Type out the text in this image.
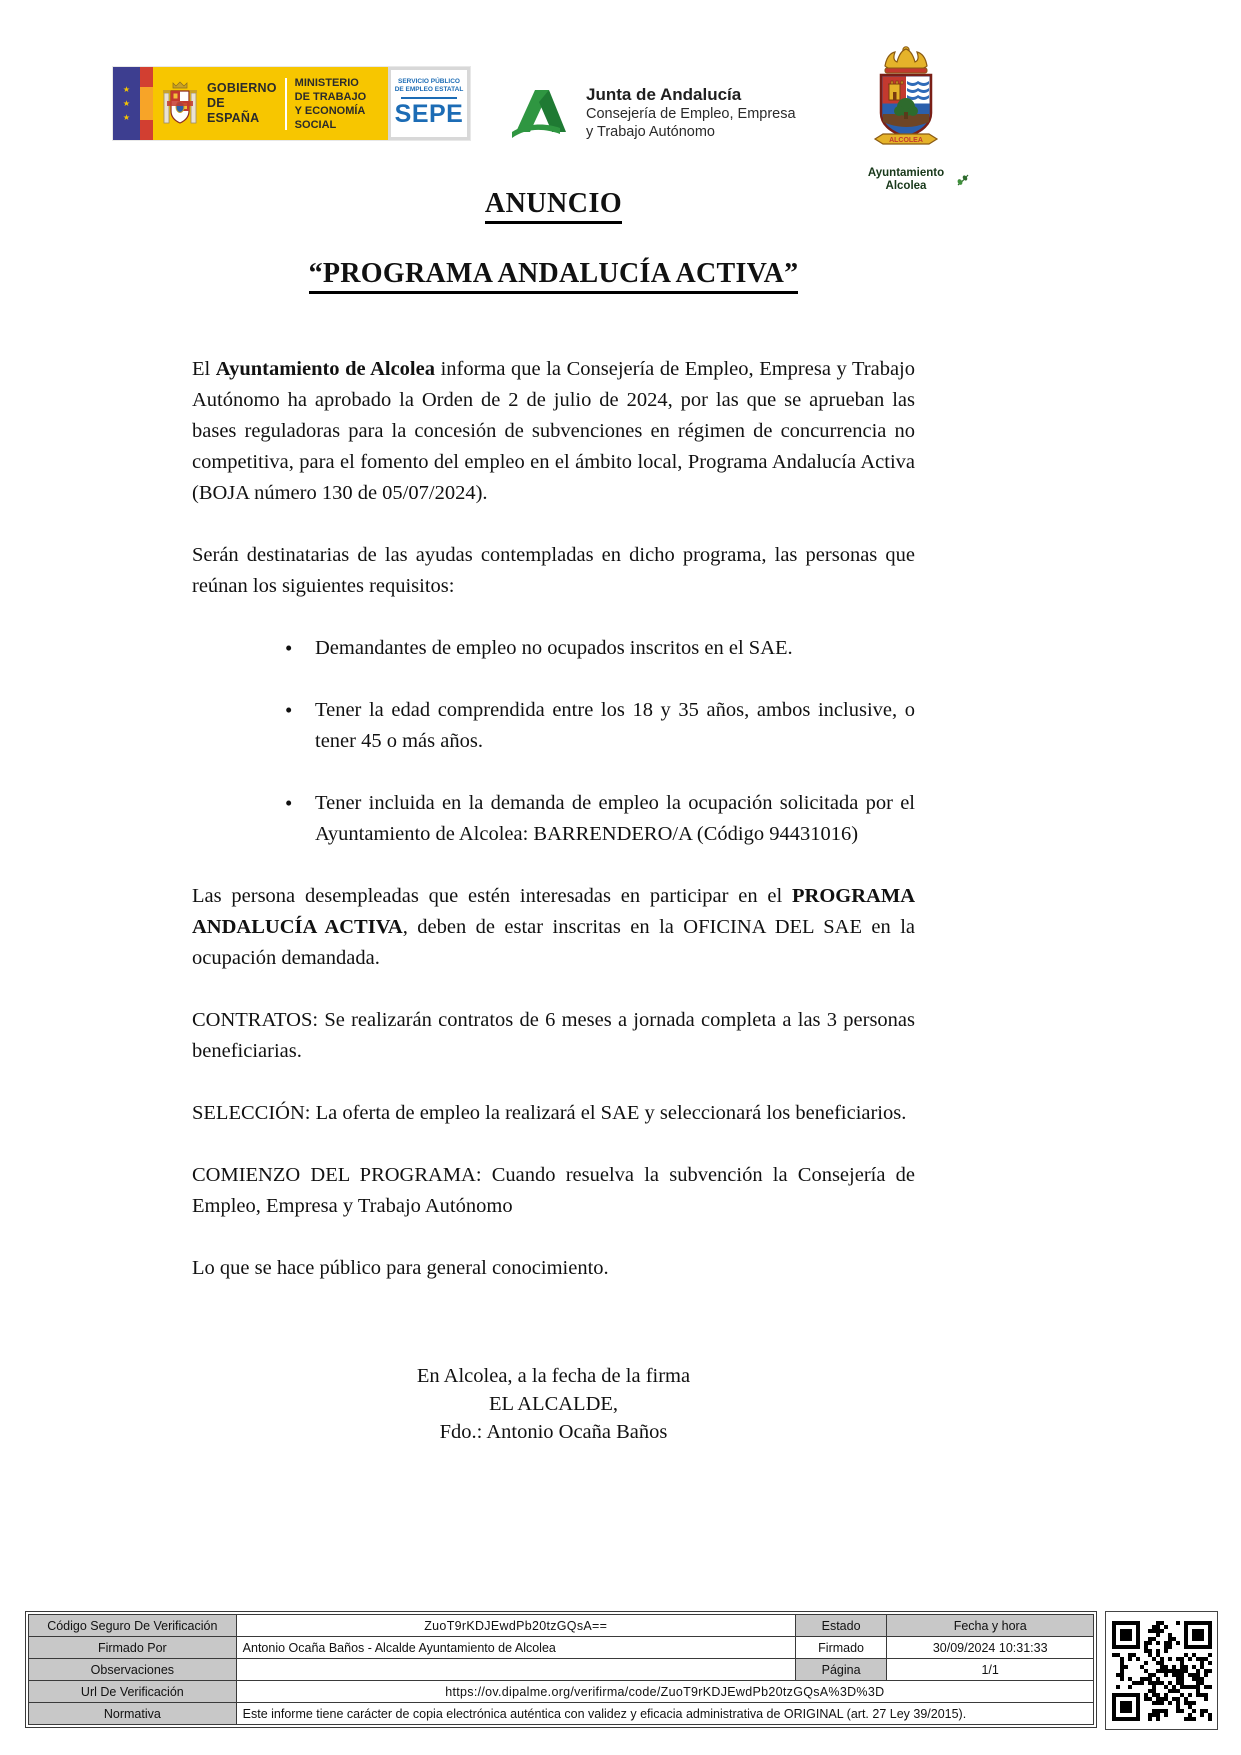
★
★
★
GOBIERNO
DE ESPAÑA
MINISTERIO
DE TRABAJO
Y ECONOMÍA SOCIAL
SERVICIO PÚBLICO
DE EMPLEO ESTATAL
SEPE
Junta de Andalucía
Consejería de Empleo, Empresa
y Trabajo Autónomo
ALCOLEA
Ayuntamiento
Alcolea
ANUNCIO
“PROGRAMA ANDALUCÍA ACTIVA”

El Ayuntamiento de Alcolea informa que la Consejería de Empleo, Empresa y Trabajo Autónomo ha aprobado la Orden de 2 de julio de 2024, por las que se aprueban las bases reguladoras para la concesión de subvenciones en régimen de concurrencia no competitiva, para el fomento del empleo en el ámbito local, Programa Andalucía Activa (BOJA número 130 de 05/07/2024).

Serán destinatarias de las ayudas contempladas en dicho programa, las personas que reúnan los siguientes requisitos:

• Demandantes de empleo no ocupados inscritos en el SAE.
• Tener la edad comprendida entre los 18 y 35 años, ambos inclusive, o tener 45 o más años.
• Tener incluida en la demanda de empleo la ocupación solicitada por el Ayuntamiento de Alcolea: BARRENDERO/A (Código 94431016)

Las persona desempleadas que estén interesadas en participar en el PROGRAMA ANDALUCÍA ACTIVA, deben de estar inscritas en la OFICINA DEL SAE en la ocupación demandada.

CONTRATOS: Se realizarán contratos de 6 meses a jornada completa a las 3 personas beneficiarias.

SELECCIÓN: La oferta de empleo la realizará el SAE y seleccionará los beneficiarios.

COMIENZO DEL PROGRAMA: Cuando resuelva la subvención la Consejería de Empleo, Empresa y Trabajo Autónomo

Lo que se hace público para general conocimiento.

En Alcolea, a la fecha de la firma
EL ALCALDE,
Fdo.: Antonio Ocaña Baños
Código Seguro De Verificación	ZuoT9rKDJEwdPb20tzGQsA==	Estado	Fecha y hora
Firmado Por	Antonio Ocaña Baños - Alcalde Ayuntamiento de Alcolea	Firmado	30/09/2024 10:31:33
Observaciones		Página	1/1
Url De Verificación	https://ov.dipalme.org/verifirma/code/ZuoT9rKDJEwdPb20tzGQsA%3D%3D		
Normativa	Este informe tiene carácter de copia electrónica auténtica con validez y eficacia administrativa de ORIGINAL (art. 27 Ley 39/2015).		
